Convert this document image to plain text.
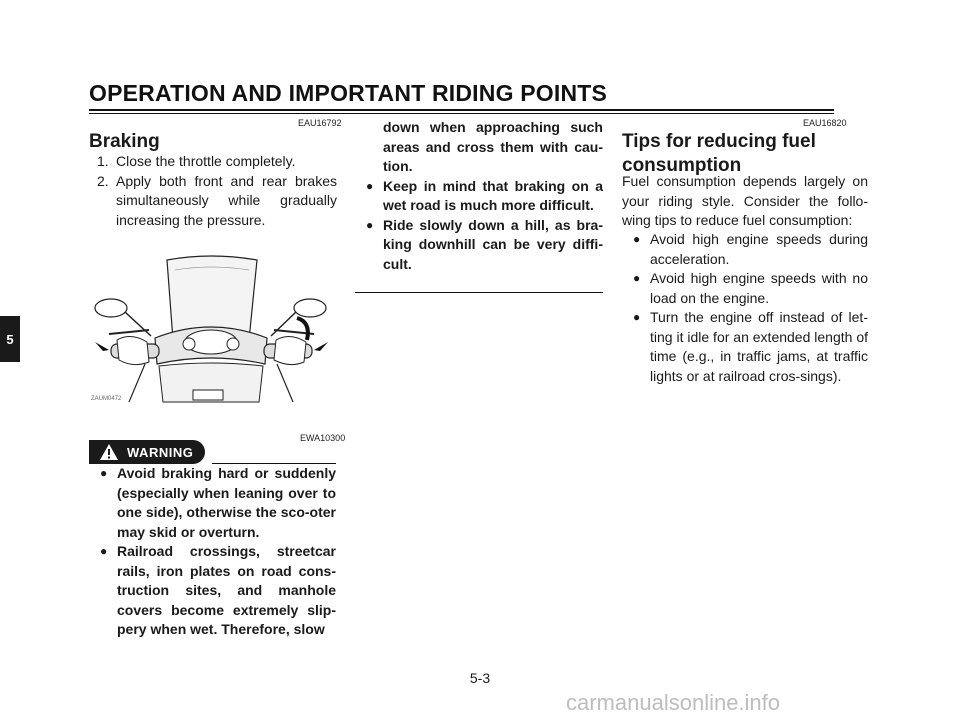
OPERATION AND IMPORTANT RIDING POINTS
5
EAU16792
Braking
1. Close the throttle completely.
2. Apply both front and rear brakes simultaneously while gradually increasing the pressure.
ZAUM0472
EWA10300
WARNING
● Avoid braking hard or suddenly (especially when leaning over to one side), otherwise the sco-oter may skid or overturn.
● Railroad crossings, streetcar rails, iron plates on road cons-truction sites, and manhole covers become extremely slip-pery when wet. Therefore, slow
down when approaching such areas and cross them with cau-tion.
● Keep in mind that braking on a wet road is much more difficult.
● Ride slowly down a hill, as bra-king downhill can be very diffi-cult.
EAU16820
Tips for reducing fuel
consumption
Fuel consumption depends largely on your riding style. Consider the follo-wing tips to reduce fuel consumption:
● Avoid high engine speeds during acceleration.
● Avoid high engine speeds with no load on the engine.
● Turn the engine off instead of let-ting it idle for an extended length of time (e.g., in traffic jams, at traffic lights or at railroad cros-sings).
5-3
carmanualsonline.info
